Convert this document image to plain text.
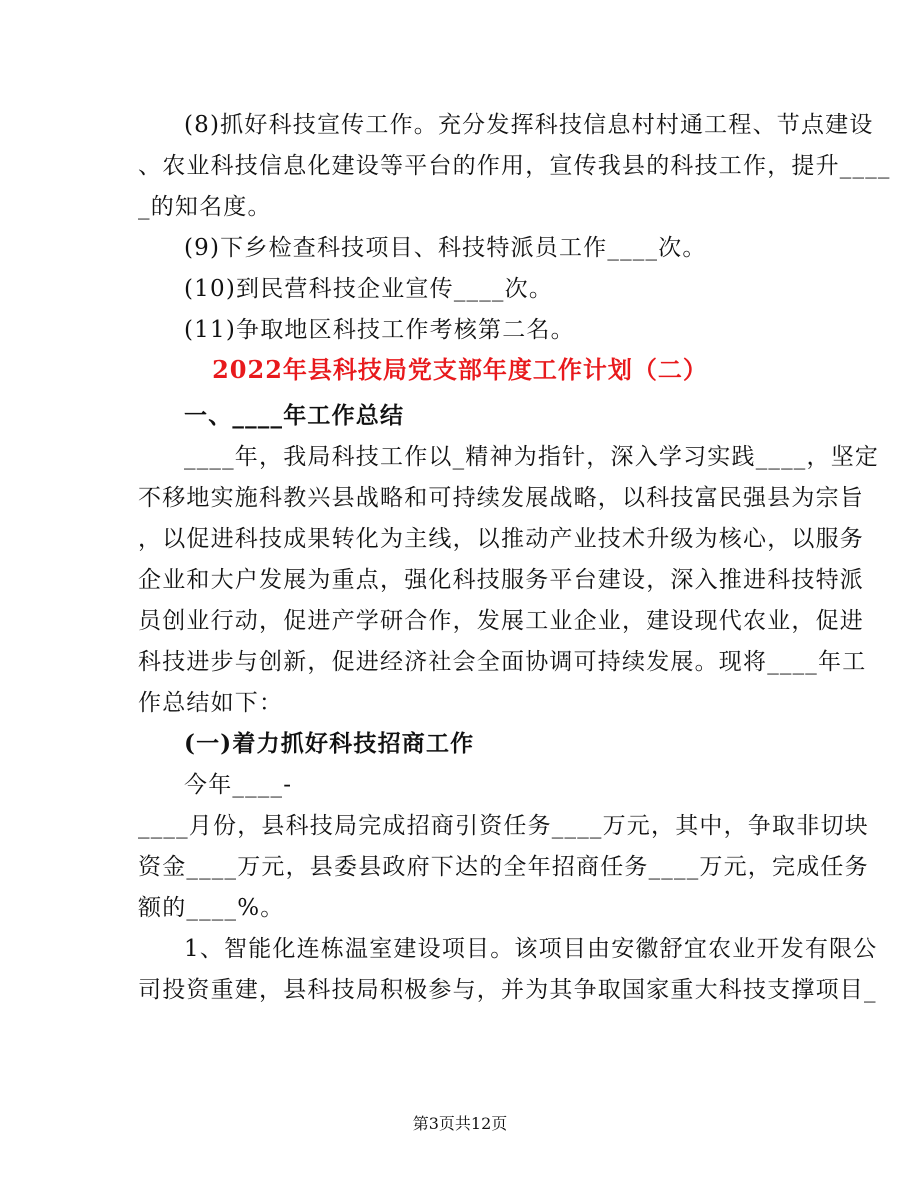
(8)抓好科技宣传工作。充分发挥科技信息村村通工程、节点建设
、农业科技信息化建设等平台的作用，宣传我县的科技工作，提升____
_的知名度。
(9)下乡检查科技项目、科技特派员工作____次。
(10)到民营科技企业宣传____次。
(11)争取地区科技工作考核第二名。
2022年县科技局党支部年度工作计划（二）
一、____年工作总结
____年，我局科技工作以_精神为指针，深入学习实践____，坚定
不移地实施科教兴县战略和可持续发展战略，以科技富民强县为宗旨
，以促进科技成果转化为主线，以推动产业技术升级为核心，以服务
企业和大户发展为重点，强化科技服务平台建设，深入推进科技特派
员创业行动，促进产学研合作，发展工业企业，建设现代农业，促进
科技进步与创新，促进经济社会全面协调可持续发展。现将____年工
作总结如下：
(一)着力抓好科技招商工作
今年____-
____月份，县科技局完成招商引资任务____万元，其中，争取非切块
资金____万元，县委县政府下达的全年招商任务____万元，完成任务
额的____%。
1、智能化连栋温室建设项目。该项目由安徽舒宜农业开发有限公
司投资重建，县科技局积极参与，并为其争取国家重大科技支撑项目_
第3页共12页
